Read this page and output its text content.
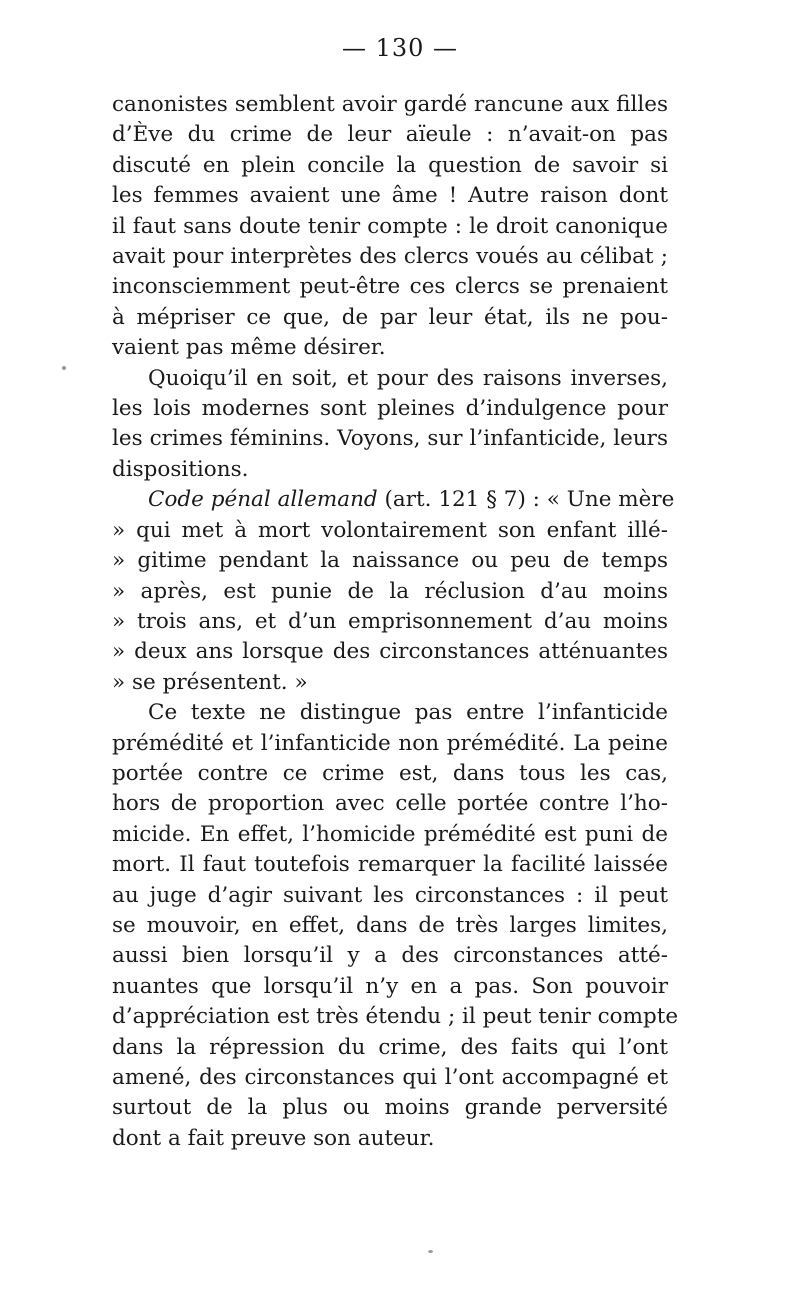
— 130 —

canonistes semblent avoir gardé rancune aux filles
d’Ève du crime de leur aïeule : n’avait-on pas
discuté en plein concile la question de savoir si
les femmes avaient une âme ! Autre raison dont
il faut sans doute tenir compte : le droit canonique
avait pour interprètes des clercs voués au célibat ;
inconsciemment peut-être ces clercs se prenaient
à mépriser ce que, de par leur état, ils ne pou-
vaient pas même désirer.

Quoiqu’il en soit, et pour des raisons inverses,
les lois modernes sont pleines d’indulgence pour
les crimes féminins. Voyons, sur l’infanticide, leurs
dispositions.

Code pénal allemand (art. 121 § 7) : « Une mère
» qui met à mort volontairement son enfant illé-
» gitime pendant la naissance ou peu de temps
» après, est punie de la réclusion d’au moins
» trois ans, et d’un emprisonnement d’au moins
» deux ans lorsque des circonstances atténuantes
» se présentent. »

Ce texte ne distingue pas entre l’infanticide
prémédité et l’infanticide non prémédité. La peine
portée contre ce crime est, dans tous les cas,
hors de proportion avec celle portée contre l’ho-
micide. En effet, l’homicide prémédité est puni de
mort. Il faut toutefois remarquer la facilité laissée
au juge d’agir suivant les circonstances : il peut
se mouvoir, en effet, dans de très larges limites,
aussi bien lorsqu’il y a des circonstances atté-
nuantes que lorsqu’il n’y en a pas. Son pouvoir
d’appréciation est très étendu ; il peut tenir compte
dans la répression du crime, des faits qui l’ont
amené, des circonstances qui l’ont accompagné et
surtout de la plus ou moins grande perversité
dont a fait preuve son auteur.
